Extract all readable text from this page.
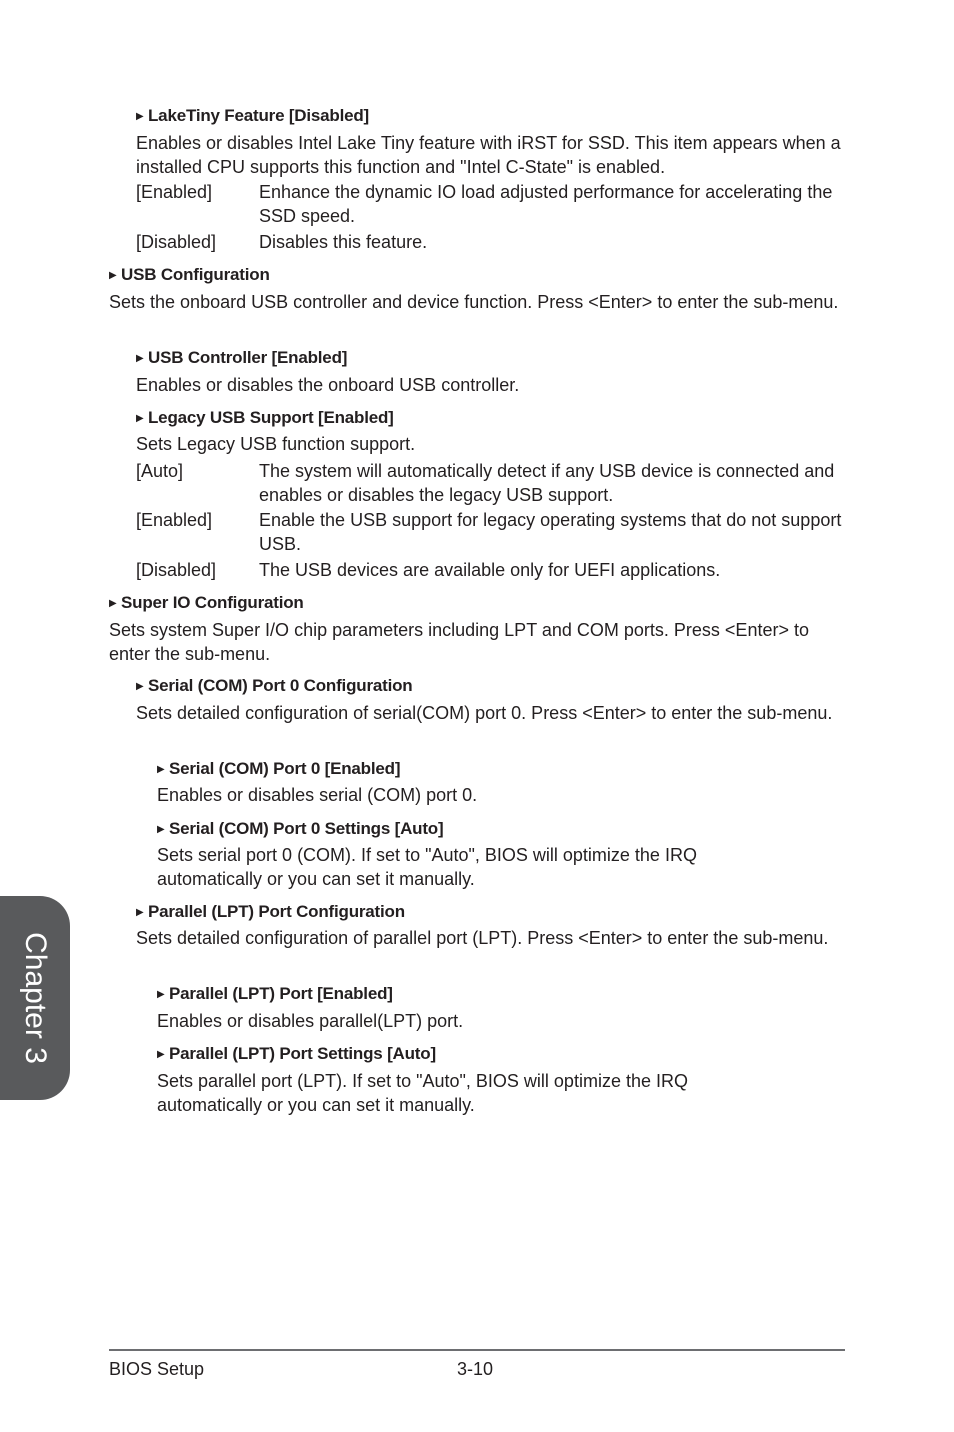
▶ LakeTiny Feature [Disabled]
Enables or disables Intel Lake Tiny feature with iRST for SSD. This item appears when a installed CPU supports this function and "Intel C-State" is enabled.
[Enabled]	Enhance the dynamic IO load adjusted performance for accelerating the SSD speed.
[Disabled] Disables this feature.
▶ USB Configuration
Sets the onboard USB controller and device function. Press <Enter> to enter the sub-menu.
▶ USB Controller [Enabled]
Enables or disables the onboard USB controller.
▶ Legacy USB Support [Enabled]
Sets Legacy USB function support.
[Auto]	The system will automatically detect if any USB device is connected and enables or disables the legacy USB support.
[Enabled]	Enable the USB support for legacy operating systems that do not support USB.
[Disabled] The USB devices are available only for UEFI applications.
▶ Super IO Configuration
Sets system Super I/O chip parameters including LPT and COM ports. Press <Enter> to enter the sub-menu.
▶ Serial (COM) Port 0 Configuration
Sets detailed configuration of serial(COM) port 0. Press <Enter> to enter the sub-menu.
▶ Serial (COM) Port 0 [Enabled]
Enables or disables serial (COM) port 0.
▶ Serial (COM) Port 0 Settings [Auto]
Sets serial port 0 (COM). If set to "Auto", BIOS will optimize the IRQ automatically or you can set it manually.
▶ Parallel (LPT) Port Configuration
Sets detailed configuration of parallel port (LPT). Press <Enter> to enter the sub-menu.
▶ Parallel (LPT) Port [Enabled]
Enables or disables parallel(LPT) port.
▶ Parallel (LPT) Port Settings [Auto]
Sets parallel port (LPT). If set to "Auto", BIOS will optimize the IRQ automatically or you can set it manually.
Chapter 3
BIOS Setup	3-10
